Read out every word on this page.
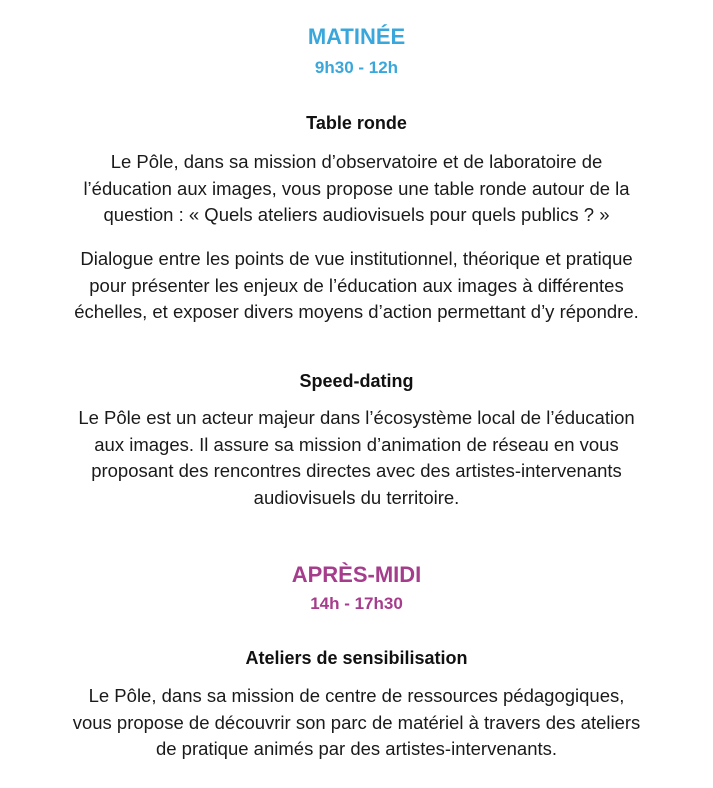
MATINÉE
9h30 - 12h
Table ronde

Le Pôle, dans sa mission d’observatoire et de laboratoire de
l’éducation aux images, vous propose une table ronde autour de la
question : « Quels ateliers audiovisuels pour quels publics ? »

Dialogue entre les points de vue institutionnel, théorique et pratique
pour présenter les enjeux de l’éducation aux images à différentes
échelles, et exposer divers moyens d’action permettant d’y répondre.

Speed-dating

Le Pôle est un acteur majeur dans l’écosystème local de l’éducation
aux images. Il assure sa mission d’animation de réseau en vous
proposant des rencontres directes avec des artistes-intervenants
audiovisuels du territoire.

APRÈS-MIDI
14h - 17h30
Ateliers de sensibilisation

Le Pôle, dans sa mission de centre de ressources pédagogiques,
vous propose de découvrir son parc de matériel à travers des ateliers
de pratique animés par des artistes-intervenants.
